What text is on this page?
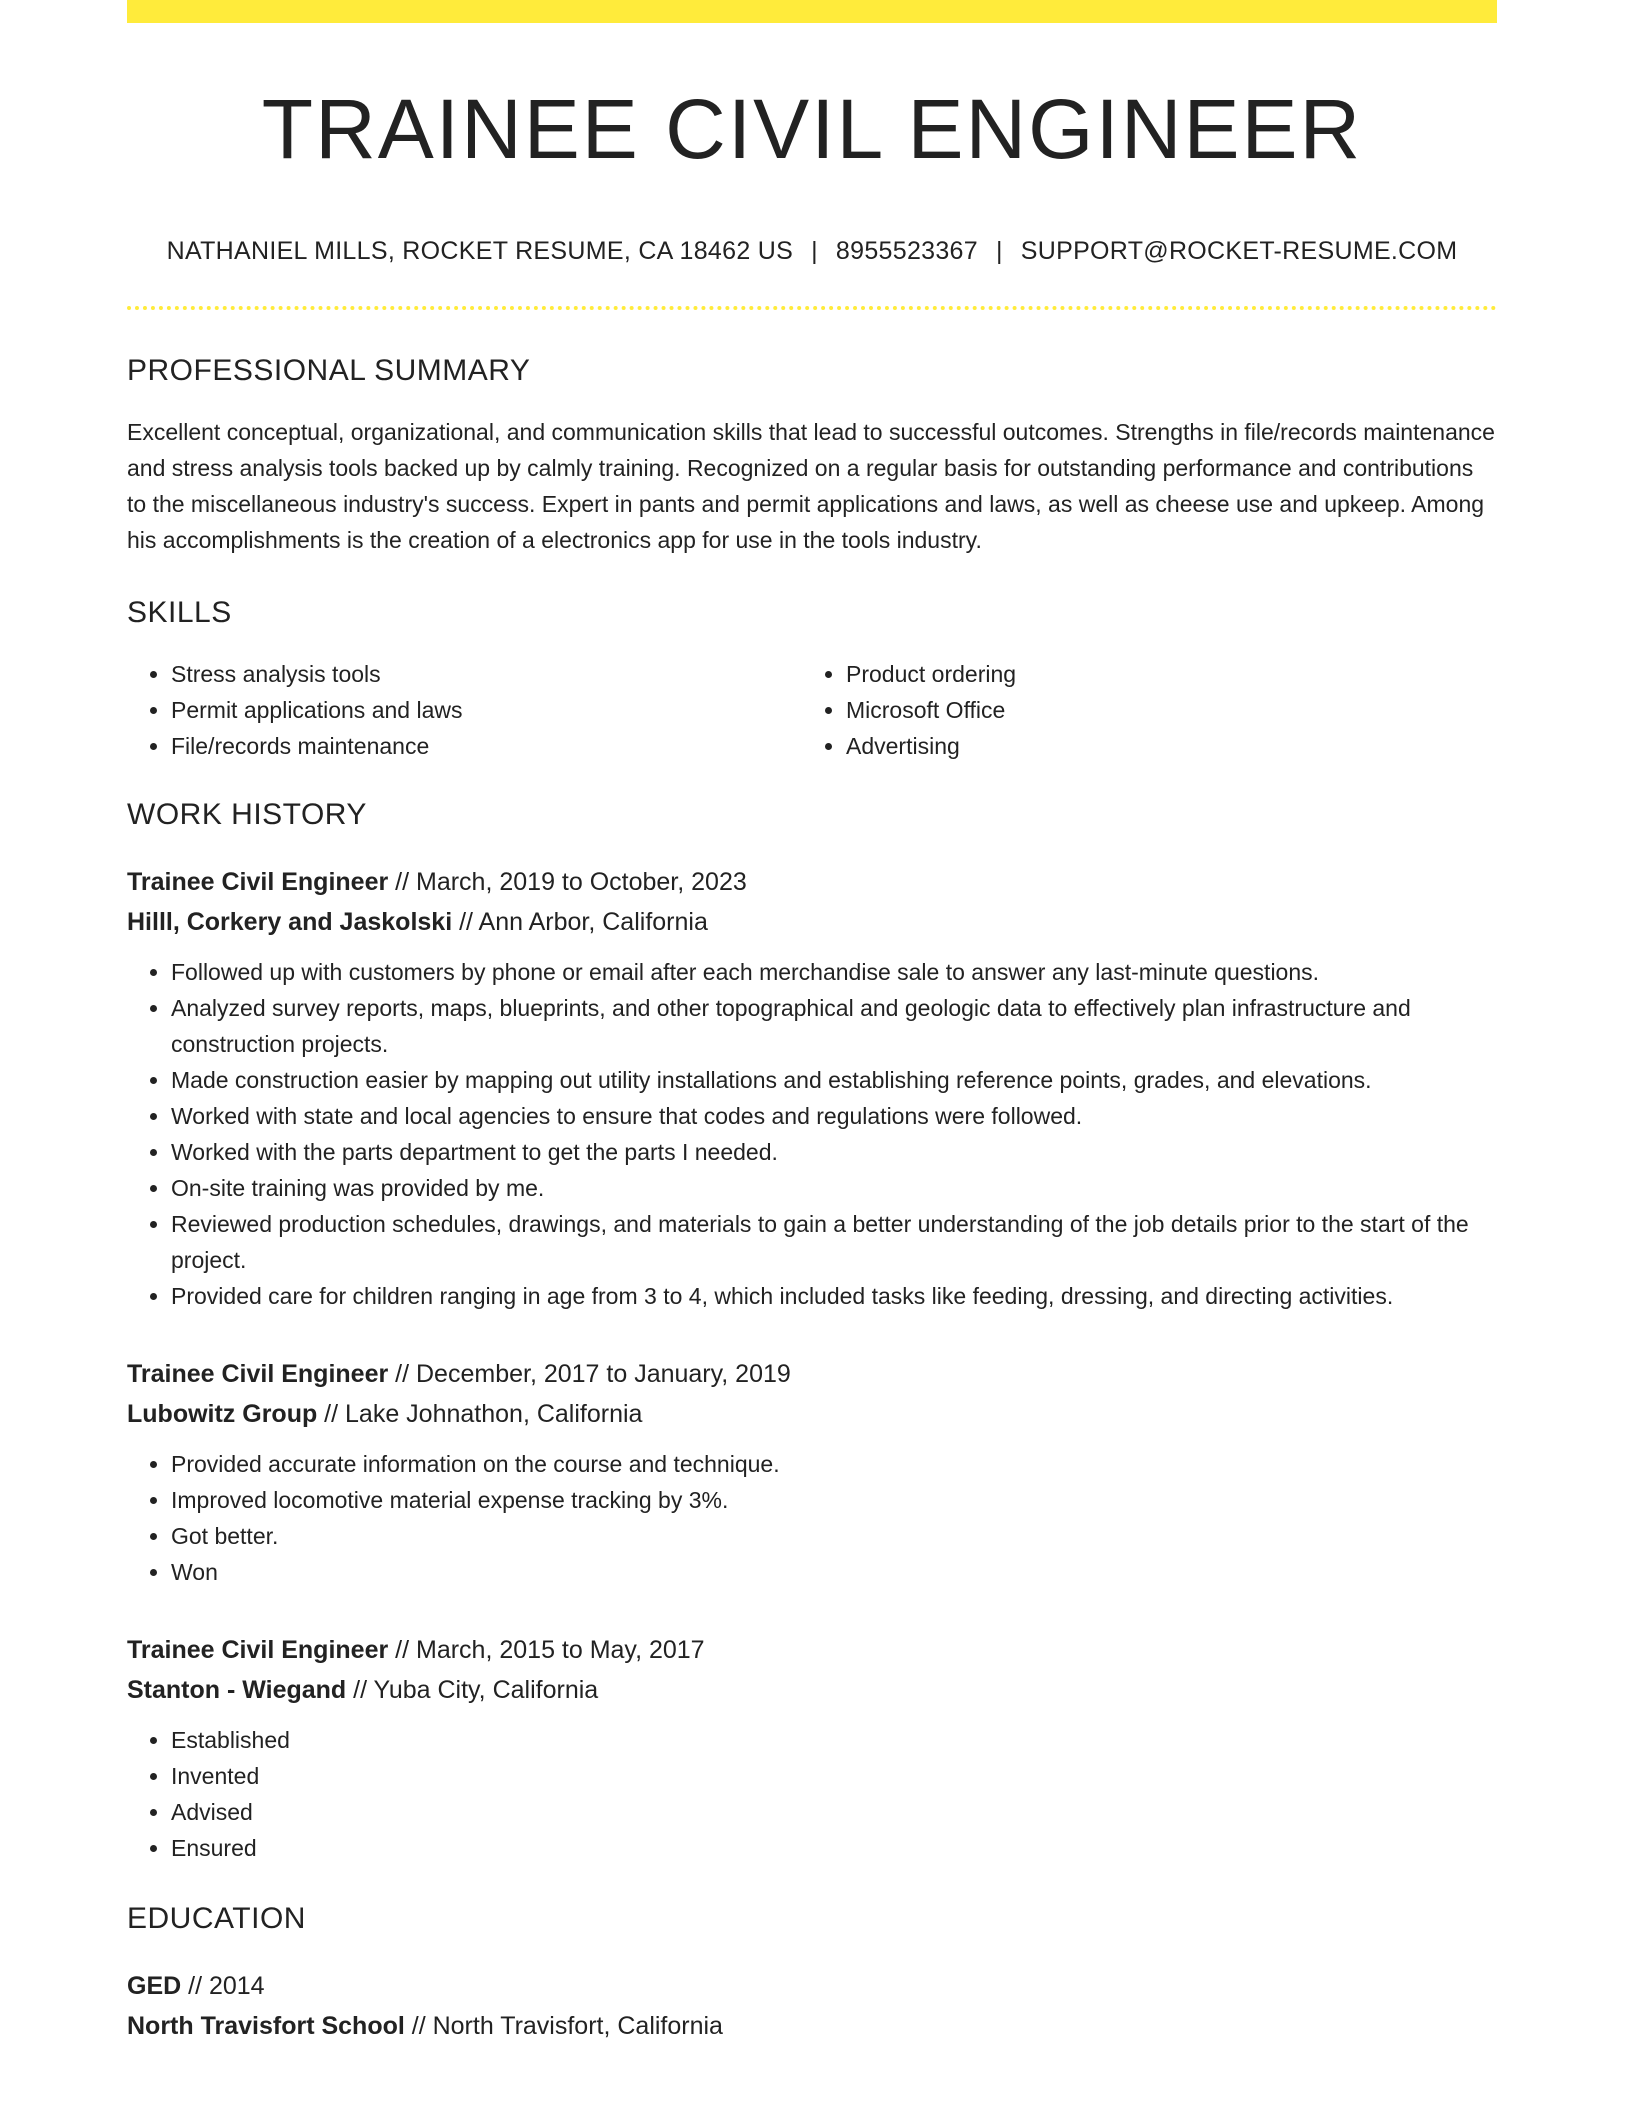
TRAINEE CIVIL ENGINEER
NATHANIEL MILLS, ROCKET RESUME, CA 18462 US | 8955523367 | SUPPORT@ROCKET-RESUME.COM
PROFESSIONAL SUMMARY
Excellent conceptual, organizational, and communication skills that lead to successful outcomes. Strengths in file/records maintenance and stress analysis tools backed up by calmly training. Recognized on a regular basis for outstanding performance and contributions to the miscellaneous industry's success. Expert in pants and permit applications and laws, as well as cheese use and upkeep. Among his accomplishments is the creation of a electronics app for use in the tools industry.
SKILLS
• Stress analysis tools
• Permit applications and laws
• File/records maintenance
• Product ordering
• Microsoft Office
• Advertising
WORK HISTORY
Trainee Civil Engineer // March, 2019 to October, 2023
Hilll, Corkery and Jaskolski // Ann Arbor, California
• Followed up with customers by phone or email after each merchandise sale to answer any last-minute questions.
• Analyzed survey reports, maps, blueprints, and other topographical and geologic data to effectively plan infrastructure and construction projects.
• Made construction easier by mapping out utility installations and establishing reference points, grades, and elevations.
• Worked with state and local agencies to ensure that codes and regulations were followed.
• Worked with the parts department to get the parts I needed.
• On-site training was provided by me.
• Reviewed production schedules, drawings, and materials to gain a better understanding of the job details prior to the start of the project.
• Provided care for children ranging in age from 3 to 4, which included tasks like feeding, dressing, and directing activities.
Trainee Civil Engineer // December, 2017 to January, 2019
Lubowitz Group // Lake Johnathon, California
• Provided accurate information on the course and technique.
• Improved locomotive material expense tracking by 3%.
• Got better.
• Won
Trainee Civil Engineer // March, 2015 to May, 2017
Stanton - Wiegand // Yuba City, California
• Established
• Invented
• Advised
• Ensured
EDUCATION
GED // 2014
North Travisfort School // North Travisfort, California
